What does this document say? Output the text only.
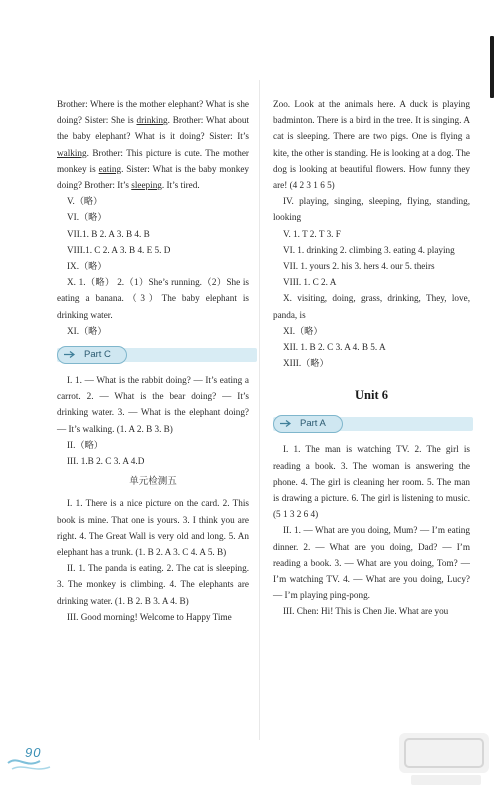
Brother: Where is the mother elephant? What is she doing? Sister: She is drinking. Brother: What about the baby elephant? What is it doing? Sister: It’s walking. Brother: This picture is cute. The mother monkey is eating. Sister: What is the baby monkey doing? Brother: It’s sleeping. It’s tired.

V.（略）

VI.（略）

VII.1. B 2. A 3. B 4. B

VIII.1. C 2. A 3. B 4. E 5. D

IX.（略）

X. 1.（略） 2.（1）She’s running.（2）She is eating a banana.（3）The baby elephant is drinking water.

XI.（略）

Part C

I. 1. — What is the rabbit doing? — It’s eating a carrot. 2. — What is the bear doing? — It’s drinking water. 3. — What is the elephant doing? — It’s walking. (1. A 2. B 3. B)

II.（略）

III. 1.B 2. C 3. A 4.D

单元检测五

I. 1. There is a nice picture on the card. 2. This book is mine. That one is yours. 3. I think you are right. 4. The Great Wall is very old and long. 5. An elephant has a trunk. (1. B 2. A 3. C 4. A 5. B)

II. 1. The panda is eating. 2. The cat is sleeping. 3. The monkey is climbing. 4. The elephants are drinking water. (1. B 2. B 3. A 4. B)

III. Good morning! Welcome to Happy Time

Zoo. Look at the animals here. A duck is playing badminton. There is a bird in the tree. It is singing. A cat is sleeping. There are two pigs. One is flying a kite, the other is standing. He is looking at a dog. The dog is looking at beautiful flowers. How funny they are! (4 2 3 1 6 5)

IV. playing, singing, sleeping, flying, standing, looking

V. 1. T 2. T 3. F

VI. 1. drinking 2. climbing 3. eating 4. playing

VII. 1. yours 2. his 3. hers 4. our 5. theirs

VIII. 1. C 2. A

X. visiting, doing, grass, drinking, They, love, panda, is

XI.（略）

XII. 1. B 2. C 3. A 4. B 5. A

XIII.（略）

Unit 6
Part A

I. 1. The man is watching TV. 2. The girl is reading a book. 3. The woman is answering the phone. 4. The girl is cleaning her room. 5. The man is drawing a picture. 6. The girl is listening to music. (5 1 3 2 6 4)

II. 1. — What are you doing, Mum? — I’m eating dinner. 2. — What are you doing, Dad? — I’m reading a book. 3. — What are you doing, Tom? — I’m watching TV. 4. — What are you doing, Lucy? — I’m playing ping-pong.

III. Chen: Hi! This is Chen Jie. What are you

90
